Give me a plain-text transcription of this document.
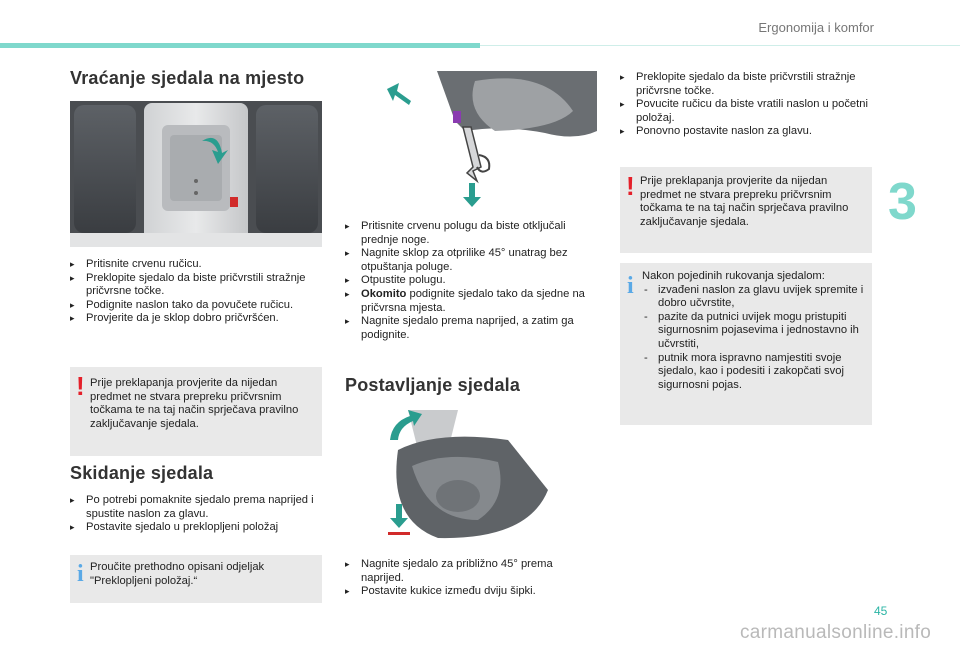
Ergonomija i komfor
3
Vraćanje sjedala na mjesto
▸	Pritisnite crvenu ručicu.
▸	Preklopite sjedalo da biste pričvrstili stražnje pričvrsne točke.
▸	Podignite naslon tako da povučete ručicu.
▸	Provjerite da je sklop dobro pričvršćen.
! Prije preklapanja provjerite da nijedan predmet ne stvara prepreku pričvrsnim točkama te na taj način sprječava pravilno zaključavanje sjedala.
Skidanje sjedala
▸	Po potrebi pomaknite sjedalo prema naprijed i spustite naslon za glavu.
▸	Postavite sjedalo u preklopljeni položaj
i Proučite prethodno opisani odjeljak "Preklopljeni položaj.“
▸	Pritisnite crvenu polugu da biste otključali prednje noge.
▸	Nagnite sklop za otprilike 45° unatrag bez otpuštanja poluge.
▸	Otpustite polugu.
▸	Okomito podignite sjedalo tako da sjedne na pričvrsna mjesta.
▸	Nagnite sjedalo prema naprijed, a zatim ga podignite.
Postavljanje sjedala
▸	Nagnite sjedalo za približno 45° prema naprijed.
▸	Postavite kukice između dviju šipki.
▸	Preklopite sjedalo da biste pričvrstili stražnje pričvrsne točke.
▸	Povucite ručicu da biste vratili naslon u početni položaj.
▸	Ponovno postavite naslon za glavu.
! Prije preklapanja provjerite da nijedan predmet ne stvara prepreku pričvrsnim točkama te na taj način sprječava pravilno zaključavanje sjedala.
i Nakon pojedinih rukovanja sjedalom:
- izvađeni naslon za glavu uvijek spremite i dobro učvrstite,
- pazite da putnici uvijek mogu pristupiti sigurnosnim pojasevima i jednostavno ih učvrstiti,
- putnik mora ispravno namjestiti svoje sjedalo, kao i podesiti i zakopčati svoj sigurnosni pojas.
45
carmanualsonline.info
